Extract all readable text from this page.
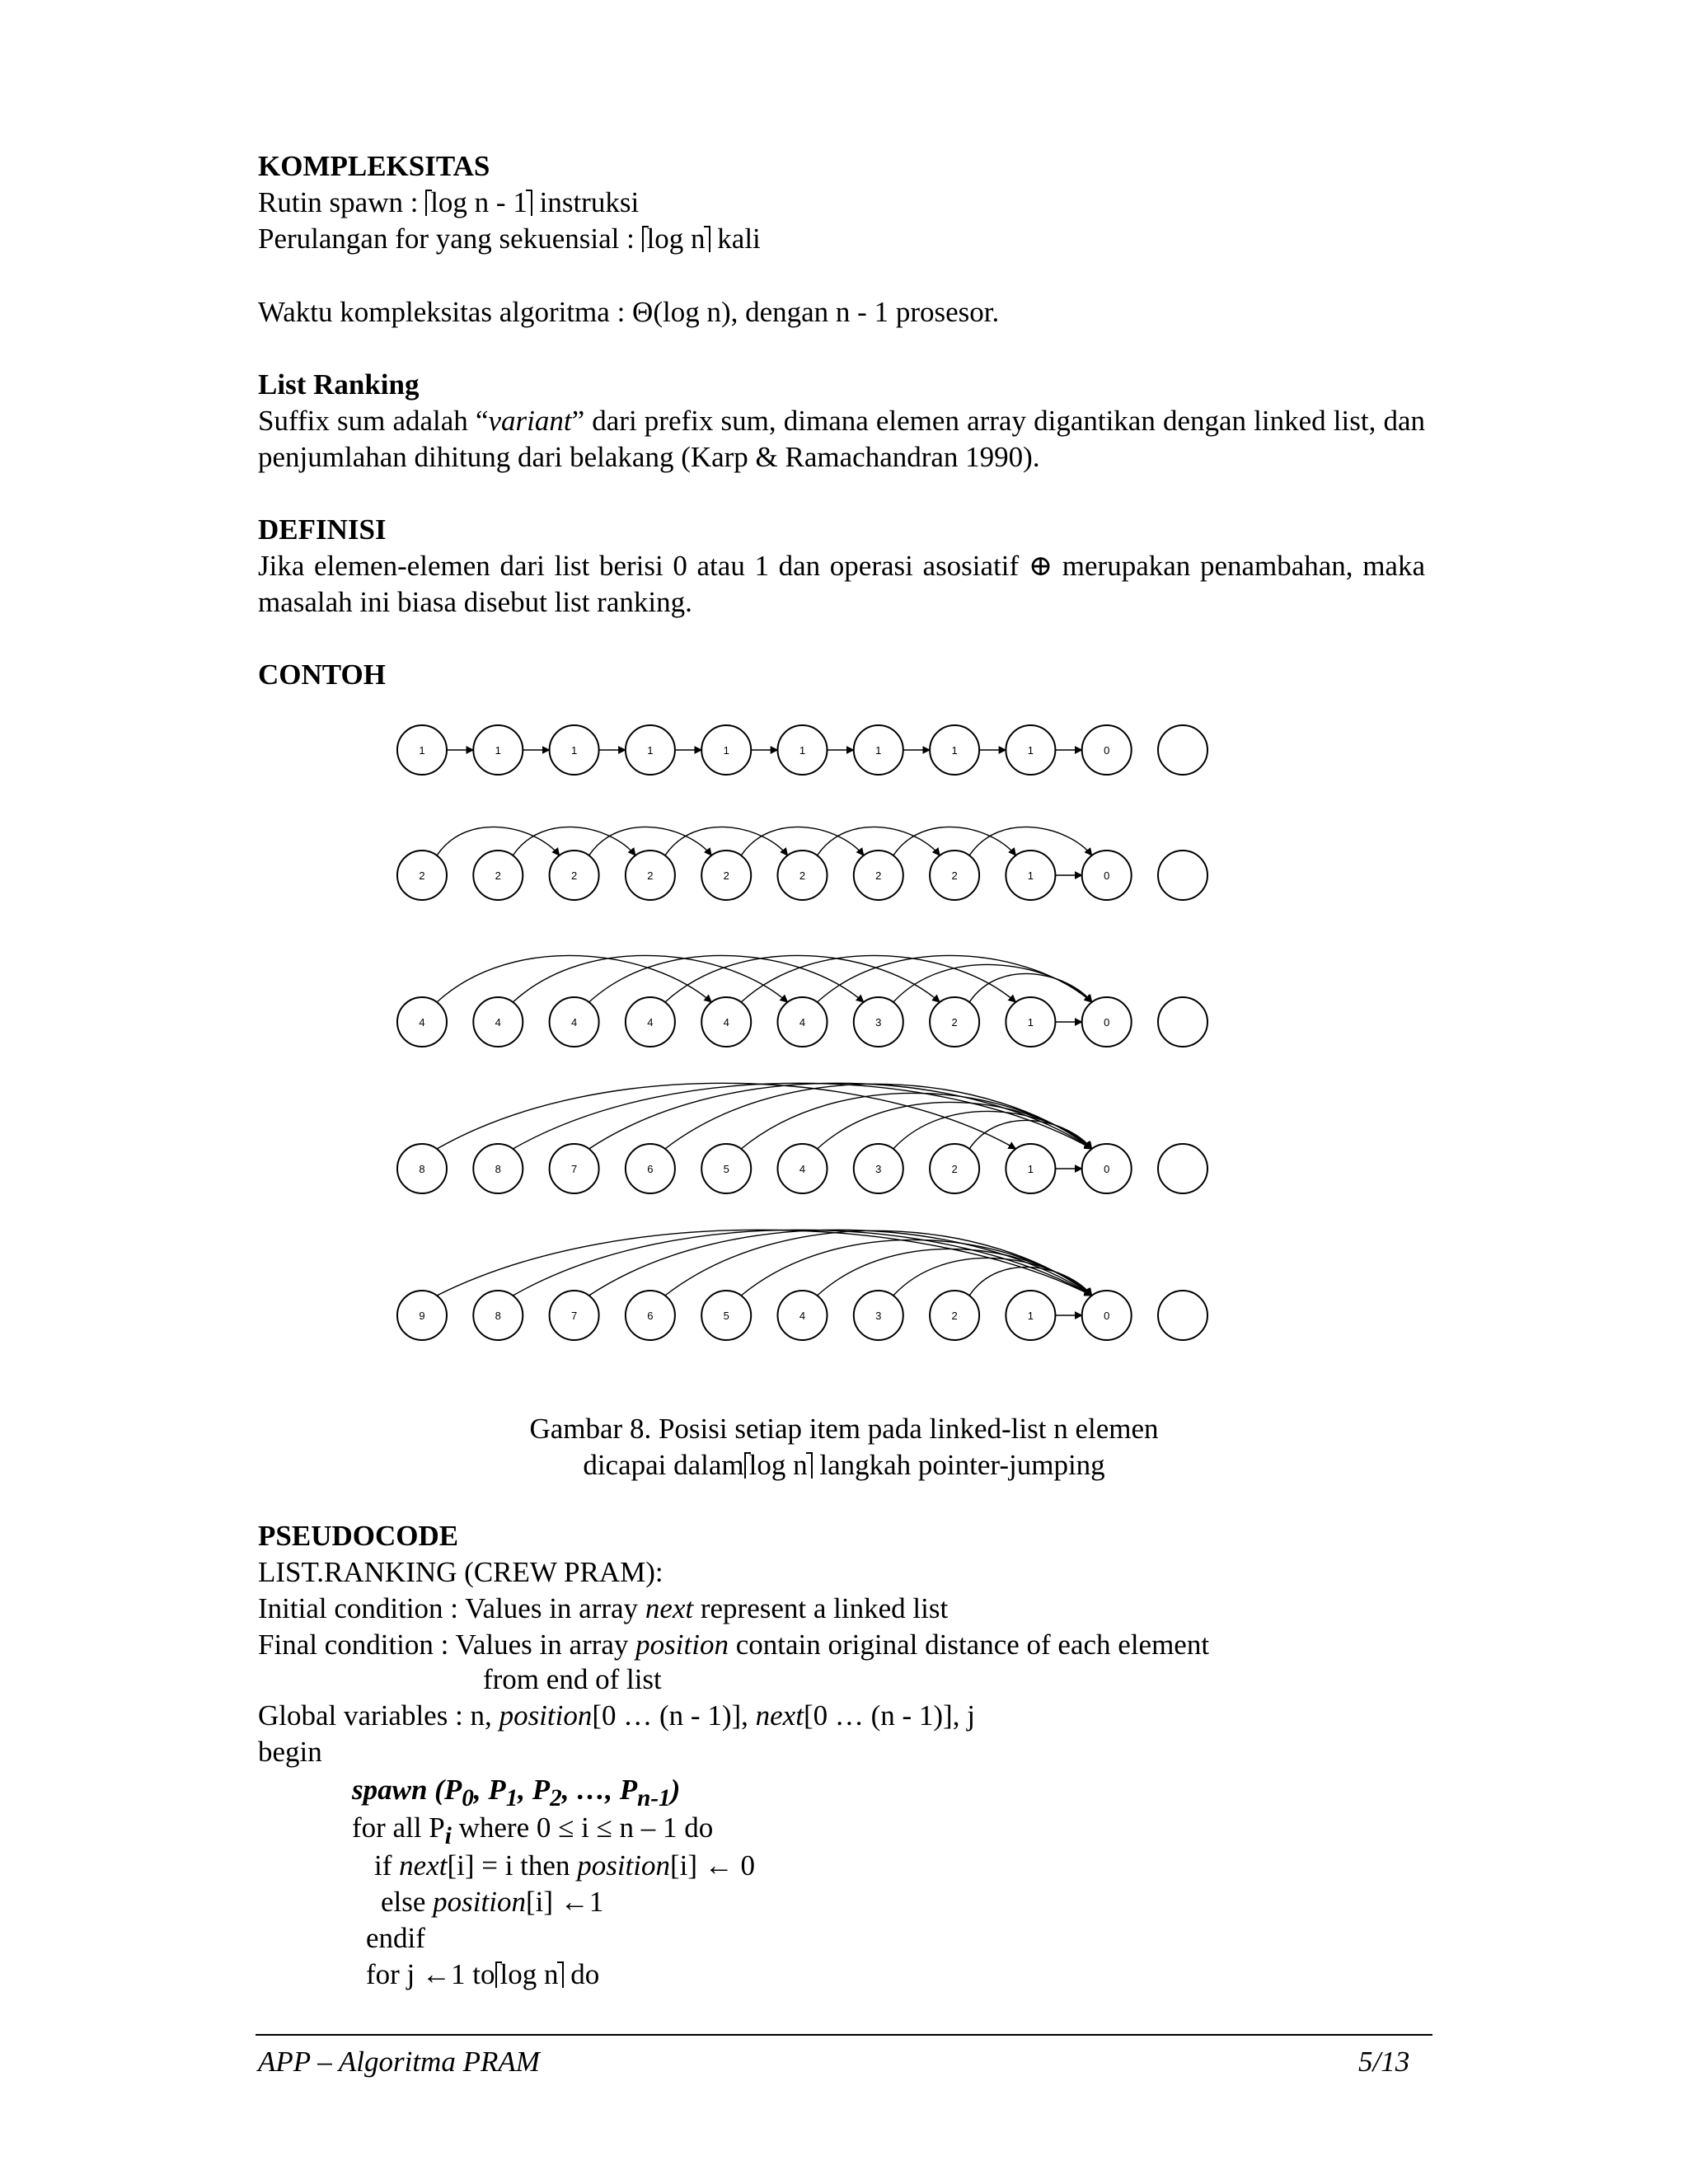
KOMPLEKSITAS
Rutin spawn : log n - 1 instruksi
Perulangan for yang sekuensial : log n kali
Waktu kompleksitas algoritma : Θ(log n), dengan n - 1 prosesor.
List Ranking
Suffix sum adalah “variant” dari prefix sum, dimana elemen array digantikan dengan linked list, dan penjumlahan dihitung dari belakang (Karp & Ramachandran 1990).
DEFINISI
Jika elemen-elemen dari list berisi 0 atau 1 dan operasi asosiatif ⊕ merupakan penambahan, maka masalah ini biasa disebut list ranking.
CONTOH
1	1	1	1	1	1	1	1	1	0
2	2	2	2	2	2	2	2	1	0
4	4	4	4	4	4	3	2	1	0
8	8	7	6	5	4	3	2	1	0
9	8	7	6	5	4	3	2	1	0
Gambar 8. Posisi setiap item pada linked-list n elemen
dicapai dalam log n langkah pointer-jumping
PSEUDOCODE
LIST.RANKING (CREW PRAM):
Initial condition : Values in array next represent a linked list
Final condition : Values in array position contain original distance of each element
from end of list
Global variables : n, position[0 … (n - 1)], next[0 … (n - 1)], j
begin
spawn ($P_0$, $P_1$, $P_2$, …, $P_{n-1}$)
for all $P_i$ where 0 ≤ i ≤ n – 1 do
if next[i] = i then position[i] ← 0
else position[i] ←1
endif
for j ←1 to log n do
APP – Algoritma PRAM	5/13
